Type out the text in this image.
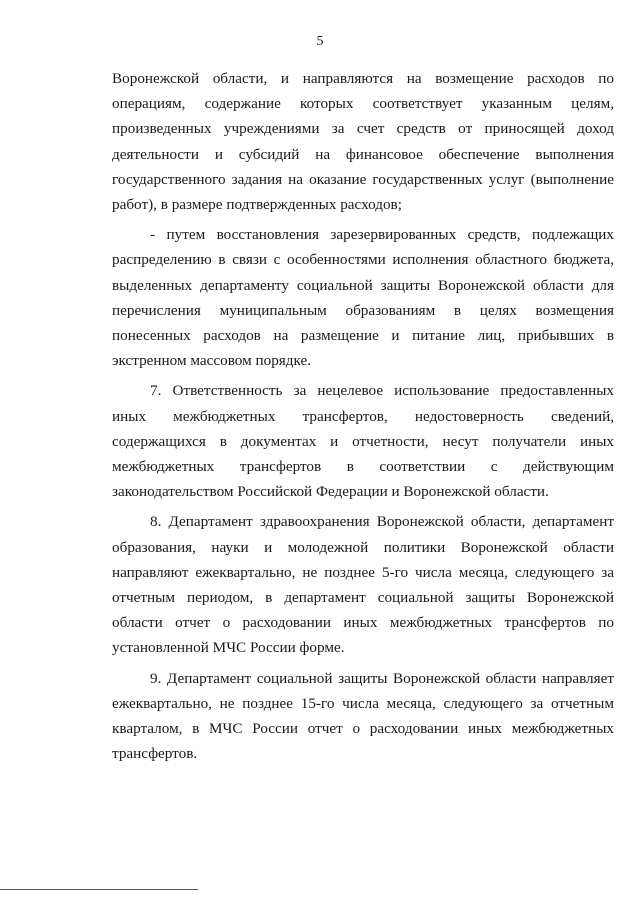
5

Воронежской области, и направляются на возмещение расходов по операциям, содержание которых соответствует указанным целям, произведенных учреждениями за счет средств от приносящей доход деятельности и субсидий на финансовое обеспечение выполнения государственного задания на оказание государственных услуг (выполнение работ), в размере подтвержденных расходов;

- путем восстановления зарезервированных средств, подлежащих распределению в связи с особенностями исполнения областного бюджета, выделенных департаменту социальной защиты Воронежской области для перечисления муниципальным образованиям в целях возмещения понесенных расходов на размещение и питание лиц, прибывших в экстренном массовом порядке.

7. Ответственность за нецелевое использование предоставленных иных межбюджетных трансфертов, недостоверность сведений, содержащихся в документах и отчетности, несут получатели иных межбюджетных трансфертов в соответствии с действующим законодательством Российской Федерации и Воронежской области.

8. Департамент здравоохранения Воронежской области, департамент образования, науки и молодежной политики Воронежской области направляют ежеквартально, не позднее 5-го числа месяца, следующего за отчетным периодом, в департамент социальной защиты Воронежской области отчет о расходовании иных межбюджетных трансфертов по установленной МЧС России форме.

9. Департамент социальной защиты Воронежской области направляет ежеквартально, не позднее 15-го числа месяца, следующего за отчетным кварталом, в МЧС России отчет о расходовании иных межбюджетных трансфертов.
